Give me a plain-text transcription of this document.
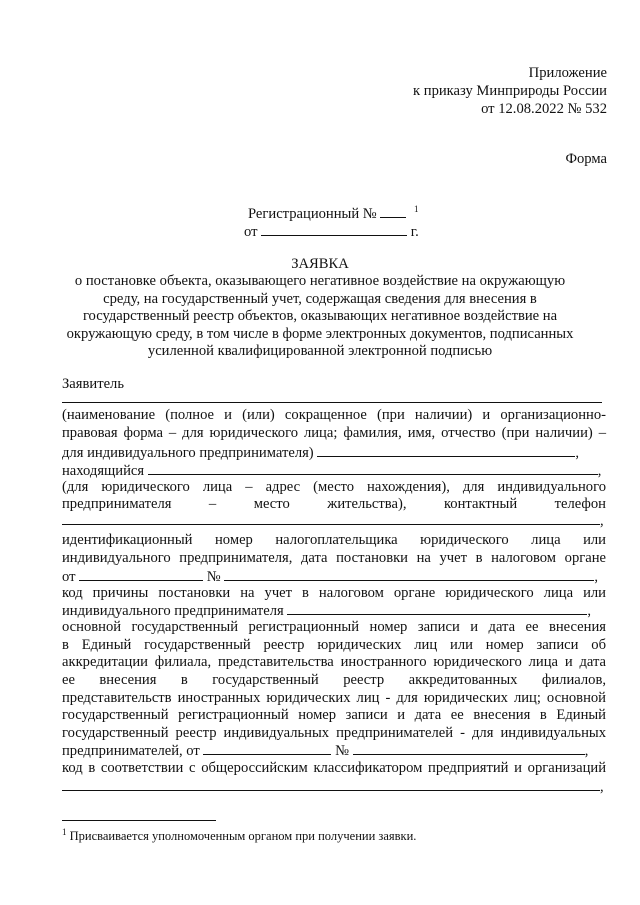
Приложение
к приказу Минприроды России
от 12.08.2022 № 532
Форма
Регистрационный №	$^1$
от	г.
ЗАЯВКА
о постановке объекта, оказывающего негативное воздействие на окружающую
среду, на государственный учет, содержащая сведения для внесения в
государственный реестр объектов, оказывающих негативное воздействие на
окружающую среду, в том числе в форме электронных документов, подписанных
усиленной квалифицированной электронной подписью
Заявитель
(наименование (полное и (или) сокращенное (при наличии) и организационно-
правовая форма – для юридического лица; фамилия, имя, отчество (при наличии) –
для индивидуального предпринимателя)	,
находящийся	,
(для юридического лица – адрес (место нахождения), для индивидуального
предпринимателя – место жительства), контактный телефон
,
идентификационный номер налогоплательщика юридического лица или
индивидуального предпринимателя, дата постановки на учет в налоговом органе
от	№	,
код причины постановки на учет в налоговом органе юридического лица или
индивидуального предпринимателя	,
основной государственный регистрационный номер записи и дата ее внесения
в Единый государственный реестр юридических лиц или номер записи об
аккредитации филиала, представительства иностранного юридического лица и дата
ее внесения в государственный реестр аккредитованных филиалов,
представительств иностранных юридических лиц - для юридических лиц; основной
государственный регистрационный номер записи и дата ее внесения в Единый
государственный реестр индивидуальных предпринимателей - для индивидуальных
предпринимателей, от	№	,
код в соответствии с общероссийским классификатором предприятий и организаций
,
$^1$ Присваивается уполномоченным органом при получении заявки.
